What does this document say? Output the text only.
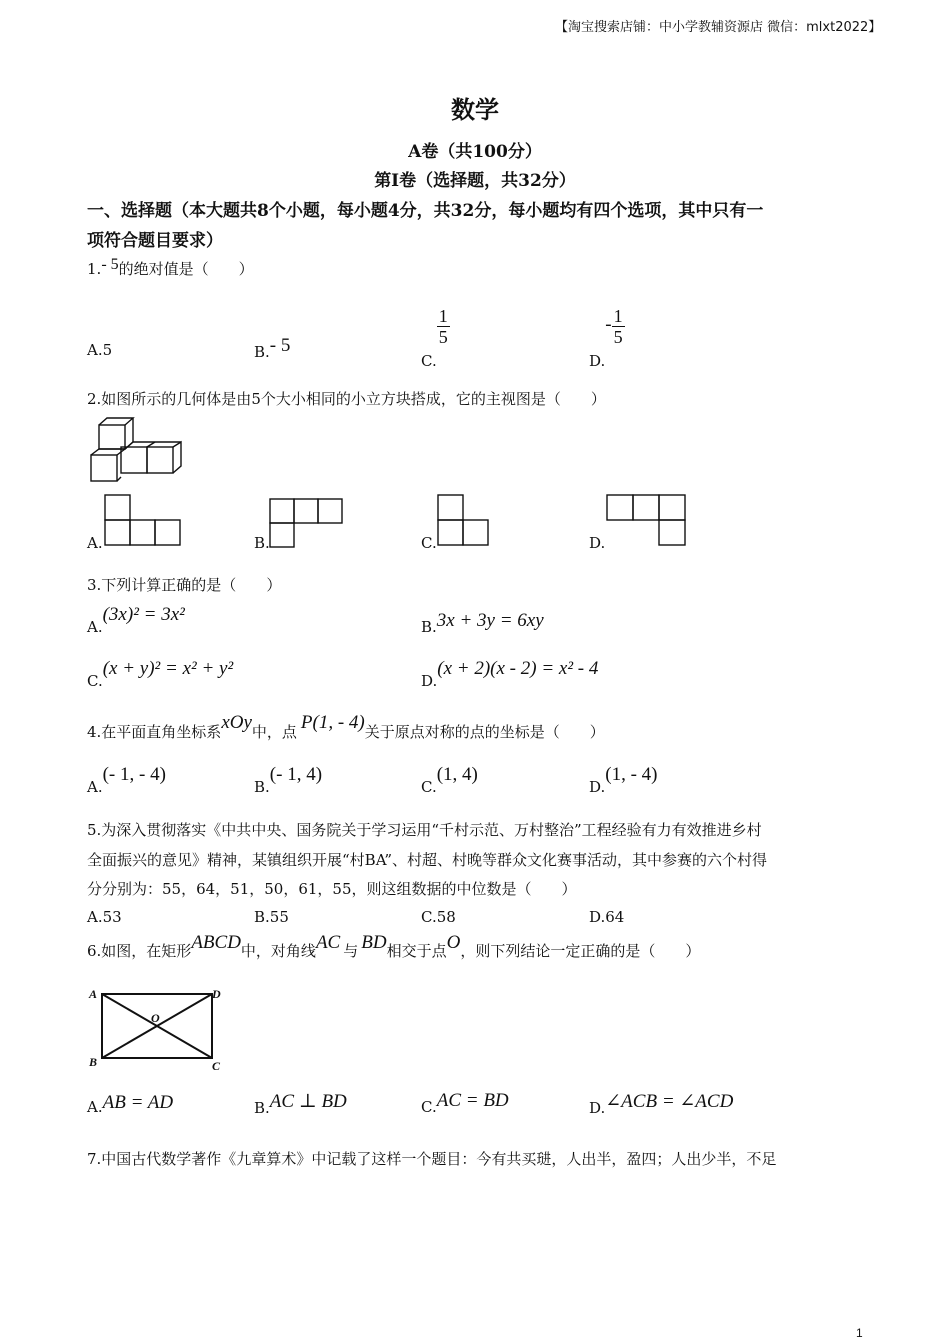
【淘宝搜索店铺：中小学教辅资源店 微信：mlxt2022】
数学
A卷（共100分）
第I卷（选择题，共32分）
一、选择题（本大题共8个小题，每小题4分，共32分，每小题均有四个选项，其中只有一
项符合题目要求）
1.- 5的绝对值是（　　）
A.5	B.- 5
C.
$\frac{1}{5}$
$D.- \frac{1}{5}$
2.如图所示的几何体是由5个大小相同的小立方块搭成，它的主视图是（　　）
A.	B.	C.	D.
3.下列计算正确的是（　　）
A.(3x)² = 3x²
B.3x + 3y = 6xy
C.(x + y)² = x² + y²
D.(x + 2)(x - 2) = x² - 4
4.在平面直角坐标系xOy中，点 P(1, - 4)关于原点对称的点的坐标是（　　）
A.(- 1, - 4)
B.(- 1, 4)
C.(1, 4)
D.(1, - 4)
5.为深入贯彻落实《中共中央、国务院关于学习运用“千村示范、万村整治”工程经验有力有效推进乡村
全面振兴的意见》精神，某镇组织开展“村BA”、村超、村晚等群众文化赛事活动，其中参赛的六个村得
分分别为：55，64，51，50，61，55，则这组数据的中位数是（　　）
A.53	B.55	C.58	D.64
6.如图，在矩形ABCD中，对角线AC 与 BD相交于点O，则下列结论一定正确的是（　　）
A
B	C
D
O
A.AB = AD	B.AC ⊥ BD	C.AC = BD	D.∠ACB = ∠ACD
7.中国古代数学著作《九章算术》中记载了这样一个题目：今有共买琎，人出半，盈四；人出少半，不足
1
